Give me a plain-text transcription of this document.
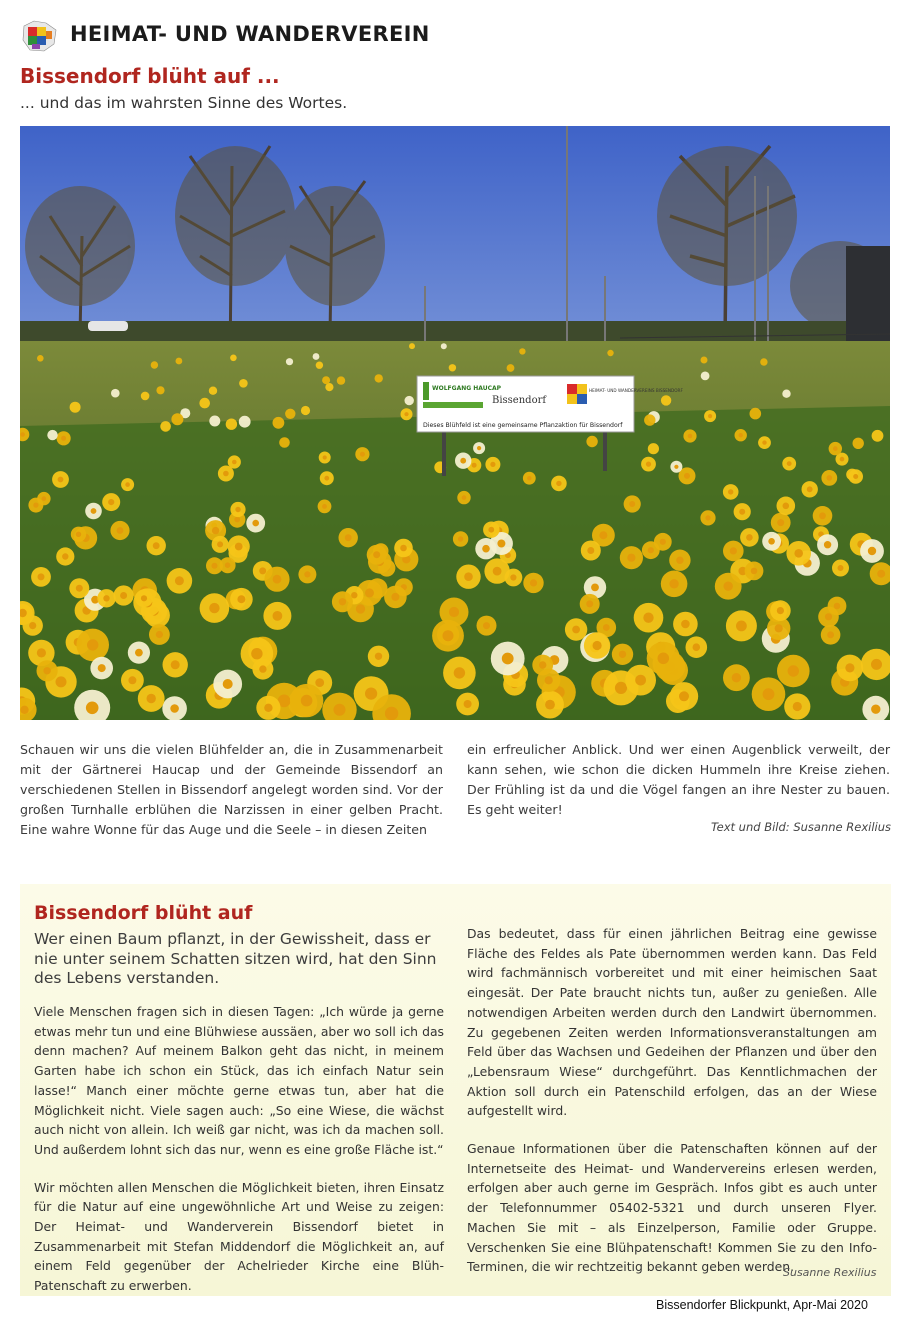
HEIMAT- UND WANDERVEREIN
Bissendorf blüht auf ...
... und das im wahrsten Sinne des Wortes.
WOLFGANG HAUCAP
Bissendorf
HEIMAT- UND WANDERVEREINS BISSENDORF
Dieses Blühfeld ist eine gemeinsame Pflanzaktion für Bissendorf

Schauen wir uns die vielen Blühfelder an, die in Zusammenarbeit mit der Gärtnerei Haucap und der Gemeinde Bissendorf an verschiedenen Stellen in Bissendorf angelegt worden sind. Vor der großen Turnhalle erblühen die Narzissen in einer gelben Pracht. Eine wahre Wonne für das Auge und die Seele – in diesen Zeiten

ein erfreulicher Anblick. Und wer einen Augenblick verweilt, der kann sehen, wie schon die dicken Hummeln ihre Kreise ziehen. Der Frühling ist da und die Vögel fangen an ihre Nester zu bauen. Es geht weiter!

Text und Bild: Susanne Rexilius
Bissendorf blüht auf
Wer einen Baum pflanzt, in der Gewissheit, dass er nie unter seinem Schatten sitzen wird, hat den Sinn des Lebens verstanden.

Viele Menschen fragen sich in diesen Tagen: „Ich würde ja gerne etwas mehr tun und eine Blühwiese aussäen, aber wo soll ich das denn machen? Auf meinem Balkon geht das nicht, in meinem Garten habe ich schon ein Stück, das ich einfach Natur sein lasse!“ Manch einer möchte gerne etwas tun, aber hat die Möglichkeit nicht. Viele sagen auch: „So eine Wiese, die wächst auch nicht von allein. Ich weiß gar nicht, was ich da machen soll. Und außerdem lohnt sich das nur, wenn es eine große Fläche ist.“

Wir möchten allen Menschen die Möglichkeit bieten, ihren Einsatz für die Natur auf eine ungewöhnliche Art und Weise zu zeigen: Der Heimat- und Wanderverein Bissendorf bietet in Zusammenarbeit mit Stefan Middendorf die Möglichkeit an, auf einem Feld gegenüber der Achelrieder Kirche eine Blüh- Patenschaft zu erwerben.

Das bedeutet, dass für einen jährlichen Beitrag eine gewisse Fläche des Feldes als Pate übernommen werden kann. Das Feld wird fachmännisch vorbereitet und mit einer heimischen Saat eingesät. Der Pate braucht nichts tun, außer zu genießen. Alle notwendigen Arbeiten werden durch den Landwirt übernommen. Zu gegebenen Zeiten werden Informationsveranstaltungen am Feld über das Wachsen und Gedeihen der Pflanzen und über den „Lebensraum Wiese“ durchgeführt. Das Kenntlichmachen der Aktion soll durch ein Patenschild erfolgen, das an der Wiese aufgestellt wird.

Genaue Informationen über die Patenschaften können auf der Internetseite des Heimat- und Wandervereins erlesen werden, erfolgen aber auch gerne im Gespräch. Infos gibt es auch unter der Telefonnummer 05402-5321 und durch unseren Flyer. Machen Sie mit – als Einzelperson, Familie oder Gruppe. Verschenken Sie eine Blühpatenschaft! Kommen Sie zu den Info-Terminen, die wir rechtzeitig bekannt geben werden.

Susanne Rexilius
Bissendorfer Blickpunkt, Apr-Mai 2020
